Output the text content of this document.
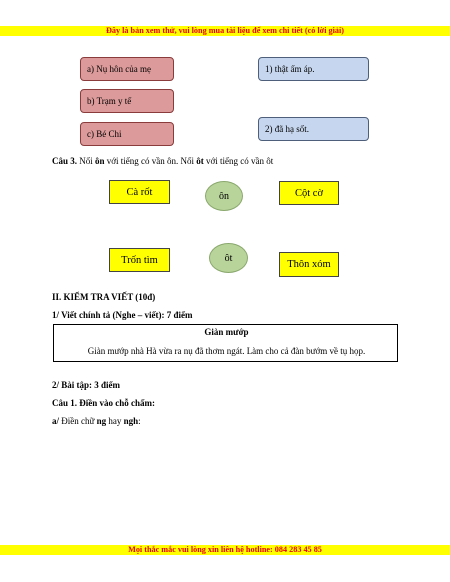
Đây là bản xem thử, vui lòng mua tài liệu để xem chi tiết (có lời giải)
a) Nụ hôn của mẹ
b) Trạm y tế
c) Bé Chi
1) thật ấm áp.
2) đã hạ sốt.
Câu 3. Nối ôn với tiếng có vần ôn. Nối ôt với tiếng có vần ôt
Cà rốt	ôn	Cột cờ
Trốn tìm	ôt
Thôn xóm
II. KIỂM TRA VIẾT (10đ)
1/ Viết chính tả (Nghe – viết): 7 điểm
Giàn mướp
Giàn mướp nhà Hà vừa ra nụ đã thơm ngát. Làm cho cả đàn bướm về tụ họp.
2/ Bài tập: 3 điểm
Câu 1. Điền vào chỗ chấm:
a/ Điền chữ ng hay ngh:
Mọi thắc mắc vui lòng xin liên hệ hotline: 084 283 45 85
